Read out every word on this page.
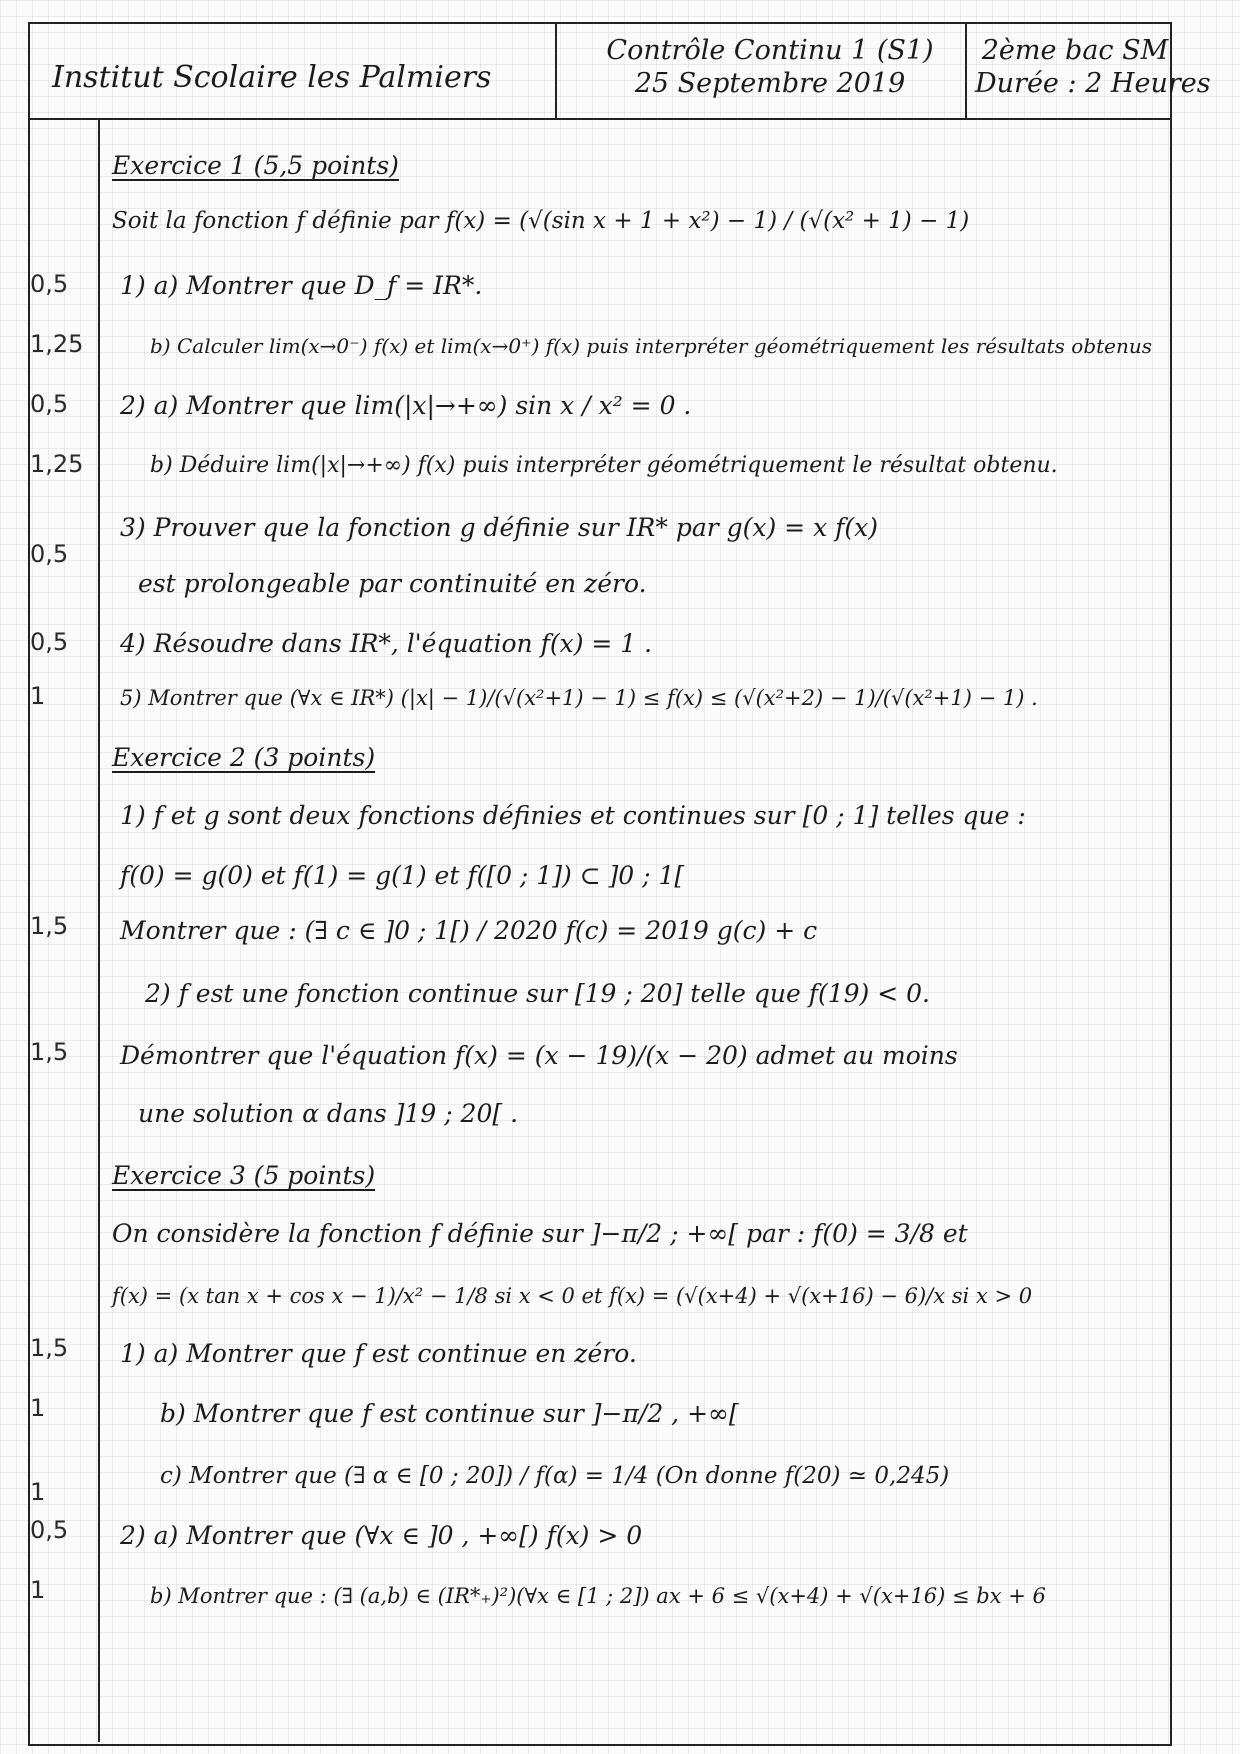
Institut Scolaire les Palmiers
Contrôle Continu 1 (S1)
25 Septembre 2019
2ème bac SM
Durée : 2 Heures
0,5
1,25
0,5
1,25
0,5
0,5
1
1,5
1,5
1,5
1
1
0,5
1
Exercice 1 (5,5 points)
Soit la fonction f définie par f(x) = (√(sin x + 1 + x²) − 1) / (√(x² + 1) − 1)
1) a) Montrer que D_f = IR*.
b) Calculer lim(x→0⁻) f(x) et lim(x→0⁺) f(x) puis interpréter géométriquement les résultats obtenus
2) a) Montrer que lim(|x|→+∞) sin x / x² = 0 .
b) Déduire lim(|x|→+∞) f(x) puis interpréter géométriquement le résultat obtenu.
3) Prouver que la fonction g définie sur IR* par g(x) = x f(x)
est prolongeable par continuité en zéro.
4) Résoudre dans IR*, l'équation f(x) = 1 .
5) Montrer que (∀x ∈ IR*) (|x| − 1)/(√(x²+1) − 1) ≤ f(x) ≤ (√(x²+2) − 1)/(√(x²+1) − 1) .
Exercice 2 (3 points)
1) f et g sont deux fonctions définies et continues sur [0 ; 1] telles que :
f(0) = g(0) et f(1) = g(1) et f([0 ; 1]) ⊂ ]0 ; 1[
Montrer que : (∃ c ∈ ]0 ; 1[) / 2020 f(c) = 2019 g(c) + c
2) f est une fonction continue sur [19 ; 20] telle que f(19) < 0.
Démontrer que l'équation f(x) = (x − 19)/(x − 20) admet au moins
une solution α dans ]19 ; 20[ .
Exercice 3 (5 points)
On considère la fonction f définie sur ]−π/2 ; +∞[ par : f(0) = 3/8 et
f(x) = (x tan x + cos x − 1)/x² − 1/8 si x < 0 et f(x) = (√(x+4) + √(x+16) − 6)/x si x > 0
1) a) Montrer que f est continue en zéro.
b) Montrer que f est continue sur ]−π/2 , +∞[
c) Montrer que (∃ α ∈ [0 ; 20]) / f(α) = 1/4 (On donne f(20) ≃ 0,245)
2) a) Montrer que (∀x ∈ ]0 , +∞[) f(x) > 0
b) Montrer que : (∃ (a,b) ∈ (IR*₊)²)(∀x ∈ [1 ; 2]) ax + 6 ≤ √(x+4) + √(x+16) ≤ bx + 6
